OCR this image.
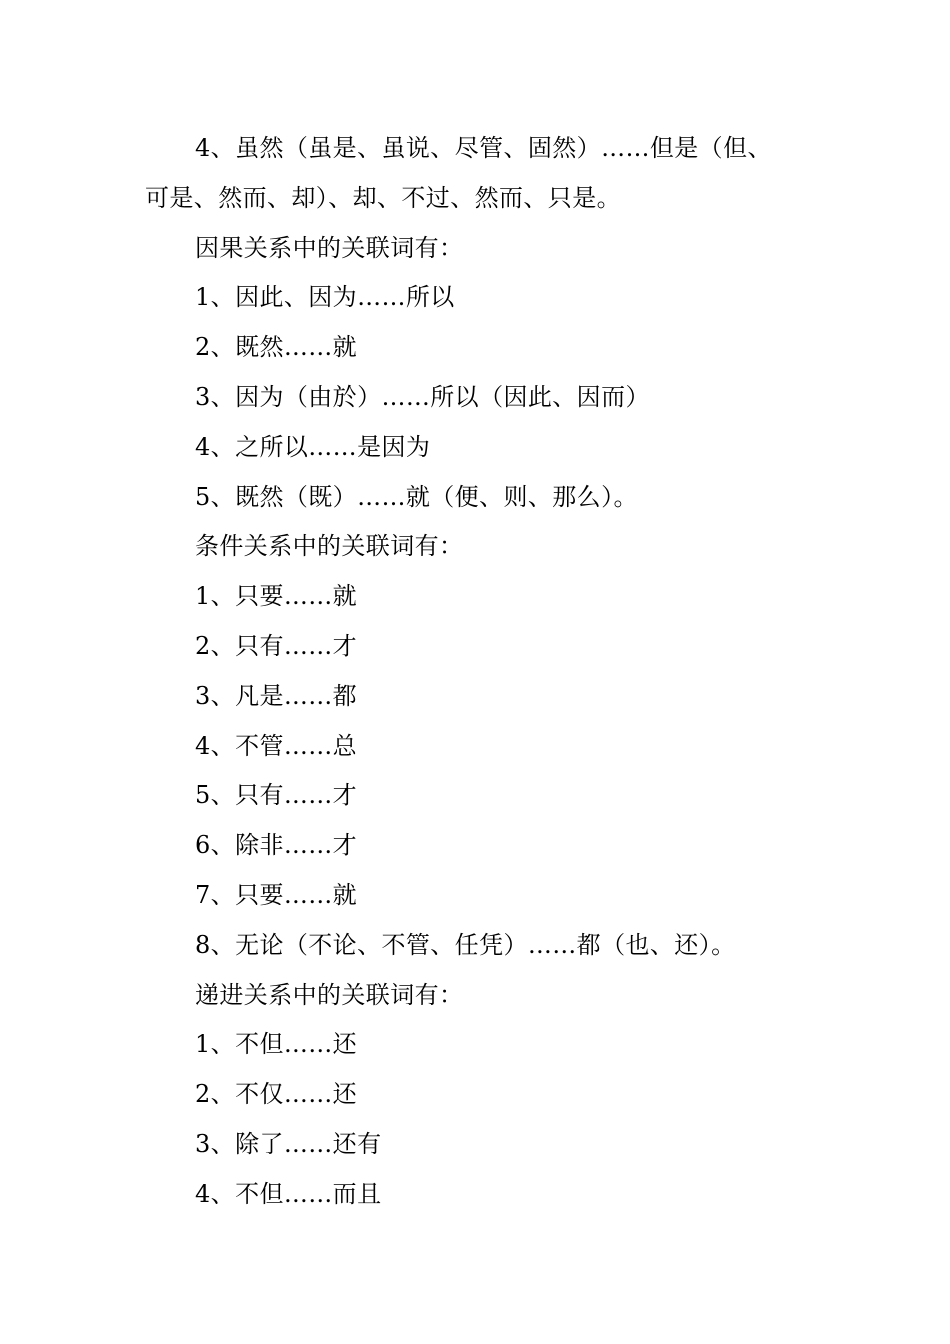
4、虽然（虽是、虽说、尽管、固然）……但是（但、
可是、然而、却）、却、不过、然而、只是。
因果关系中的关联词有：
1、因此、因为……所以
2、既然……就
3、因为（由於）……所以（因此、因而）
4、之所以……是因为
5、既然（既）……就（便、则、那么）。
条件关系中的关联词有：
1、只要……就
2、只有……才
3、凡是……都
4、不管……总
5、只有……才
6、除非……才
7、只要……就
8、无论（不论、不管、任凭）……都（也、还）。
递进关系中的关联词有：
1、不但……还
2、不仅……还
3、除了……还有
4、不但……而且
